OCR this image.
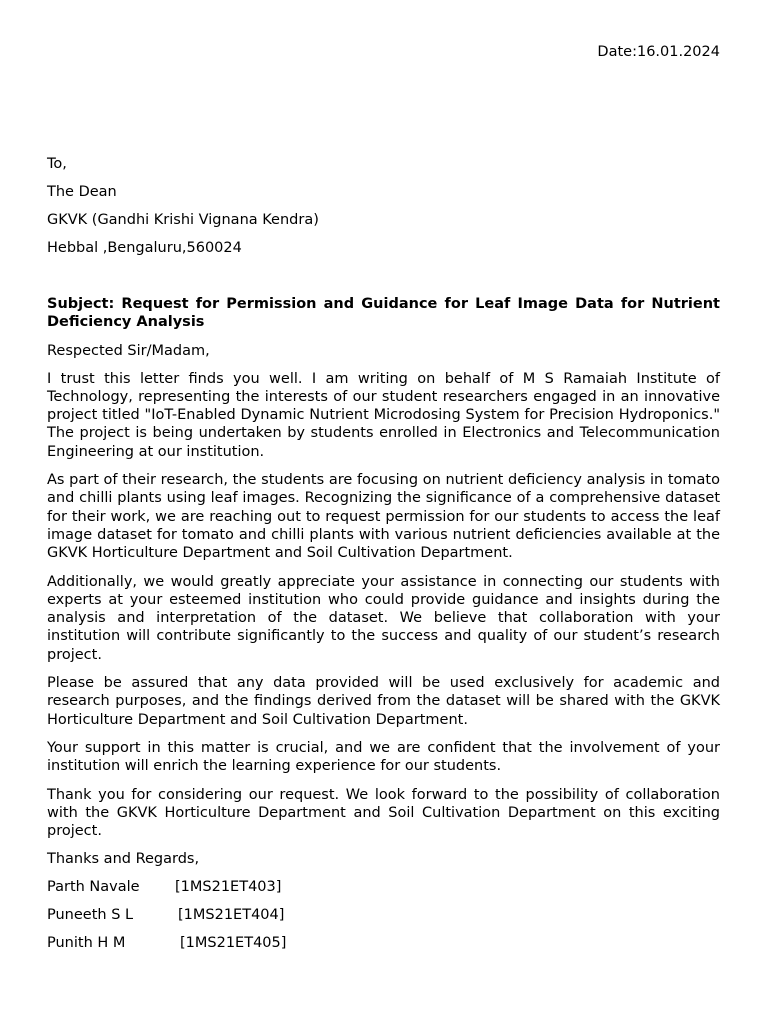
Date:16.01.2024
To,
The Dean
GKVK (Gandhi Krishi Vignana Kendra)
Hebbal ,Bengaluru,560024
Subject: Request for Permission and Guidance for Leaf Image Data for Nutrient Deficiency Analysis
Respected Sir/Madam,
I trust this letter finds you well. I am writing on behalf of M S Ramaiah Institute of Technology, representing the interests of our student researchers engaged in an innovative project titled "IoT-Enabled Dynamic Nutrient Microdosing System for Precision Hydroponics." The project is being undertaken by students enrolled in Electronics and Telecommunication Engineering at our institution.
As part of their research, the students are focusing on nutrient deficiency analysis in tomato and chilli plants using leaf images. Recognizing the significance of a comprehensive dataset for their work, we are reaching out to request permission for our students to access the leaf image dataset for tomato and chilli plants with various nutrient deficiencies available at the GKVK Horticulture Department and Soil Cultivation Department.
Additionally, we would greatly appreciate your assistance in connecting our students with experts at your esteemed institution who could provide guidance and insights during the analysis and interpretation of the dataset. We believe that collaboration with your institution will contribute significantly to the success and quality of our student’s research project.
Please be assured that any data provided will be used exclusively for academic and research purposes, and the findings derived from the dataset will be shared with the GKVK Horticulture Department and Soil Cultivation Department.
Your support in this matter is crucial, and we are confident that the involvement of your institution will enrich the learning experience for our students.
Thank you for considering our request. We look forward to the possibility of collaboration with the GKVK Horticulture Department and Soil Cultivation Department on this exciting project.
Thanks and Regards,
Parth Navale [1MS21ET403]
Puneeth S L	[1MS21ET404]
Punith H M	[1MS21ET405]
